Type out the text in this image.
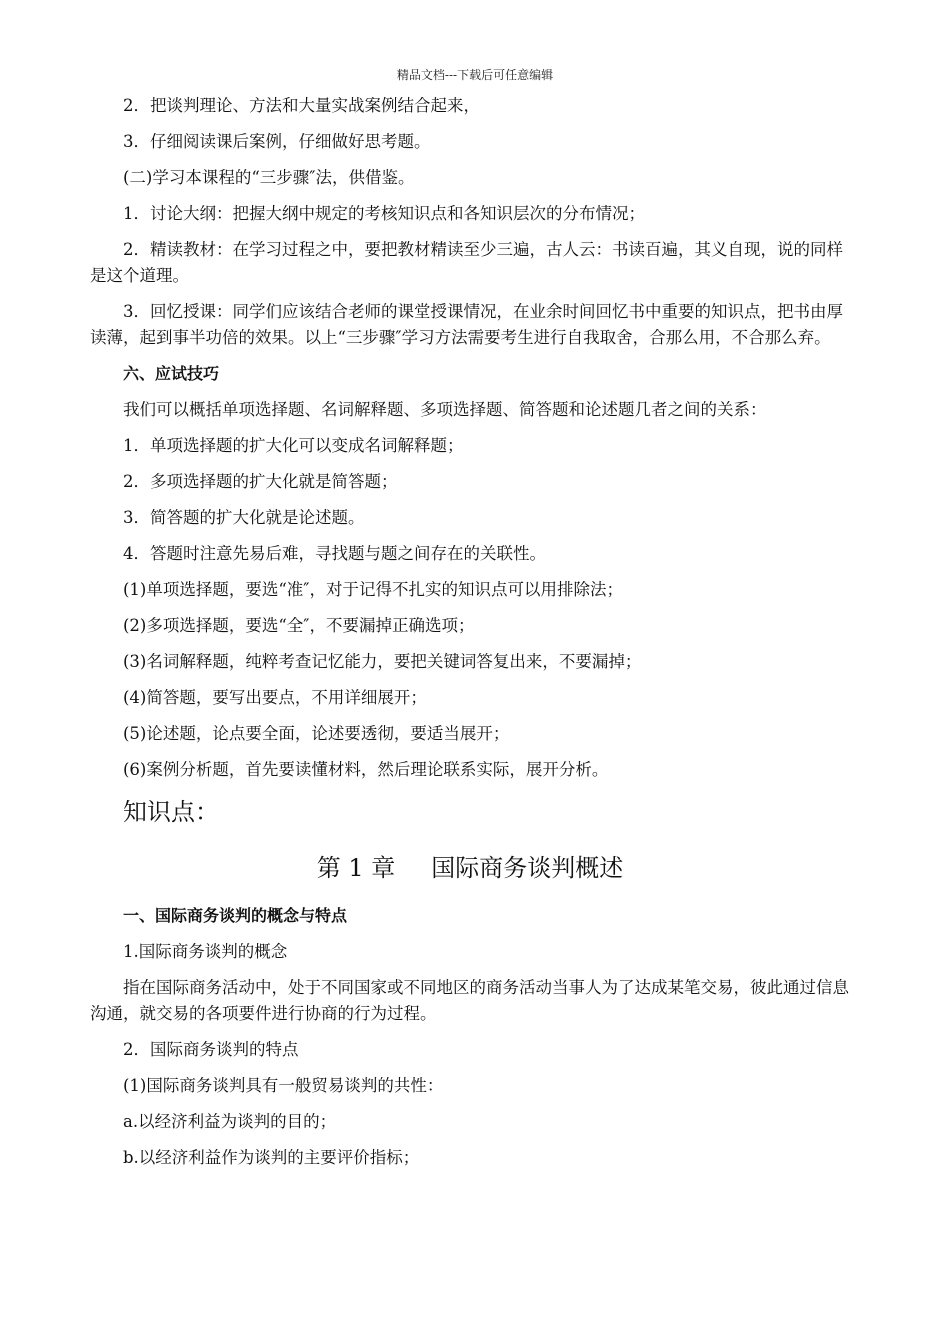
精品文档---下载后可任意编辑

2．把谈判理论、方法和大量实战案例结合起来，

3．仔细阅读课后案例，仔细做好思考题。

(二)学习本课程的“三步骤″法，供借鉴。

1．讨论大纲：把握大纲中规定的考核知识点和各知识层次的分布情况；

2．精读教材：在学习过程之中，要把教材精读至少三遍，古人云：书读百遍，其义自现，说的同样是这个道理。

3．回忆授课：同学们应该结合老师的课堂授课情况，在业余时间回忆书中重要的知识点，把书由厚读薄，起到事半功倍的效果。以上“三步骤″学习方法需要考生进行自我取舍，合那么用，不合那么弃。

六、应试技巧

我们可以概括单项选择题、名词解释题、多项选择题、简答题和论述题几者之间的关系：

1．单项选择题的扩大化可以变成名词解释题；

2．多项选择题的扩大化就是简答题；

3．简答题的扩大化就是论述题。

4．答题时注意先易后难，寻找题与题之间存在的关联性。

(1)单项选择题，要选“准″，对于记得不扎实的知识点可以用排除法；

(2)多项选择题，要选“全″，不要漏掉正确选项；

(3)名词解释题，纯粹考查记忆能力，要把关键词答复出来，不要漏掉；

(4)简答题，要写出要点，不用详细展开；

(5)论述题，论点要全面，论述要透彻，要适当展开；

(6)案例分析题，首先要读懂材料，然后理论联系实际，展开分析。

知识点：
第 1 章 国际商务谈判概述
一、国际商务谈判的概念与特点

1.国际商务谈判的概念

指在国际商务活动中，处于不同国家或不同地区的商务活动当事人为了达成某笔交易，彼此通过信息沟通，就交易的各项要件进行协商的行为过程。

2．国际商务谈判的特点

(1)国际商务谈判具有一般贸易谈判的共性：

a.以经济利益为谈判的目的；

b.以经济利益作为谈判的主要评价指标；
